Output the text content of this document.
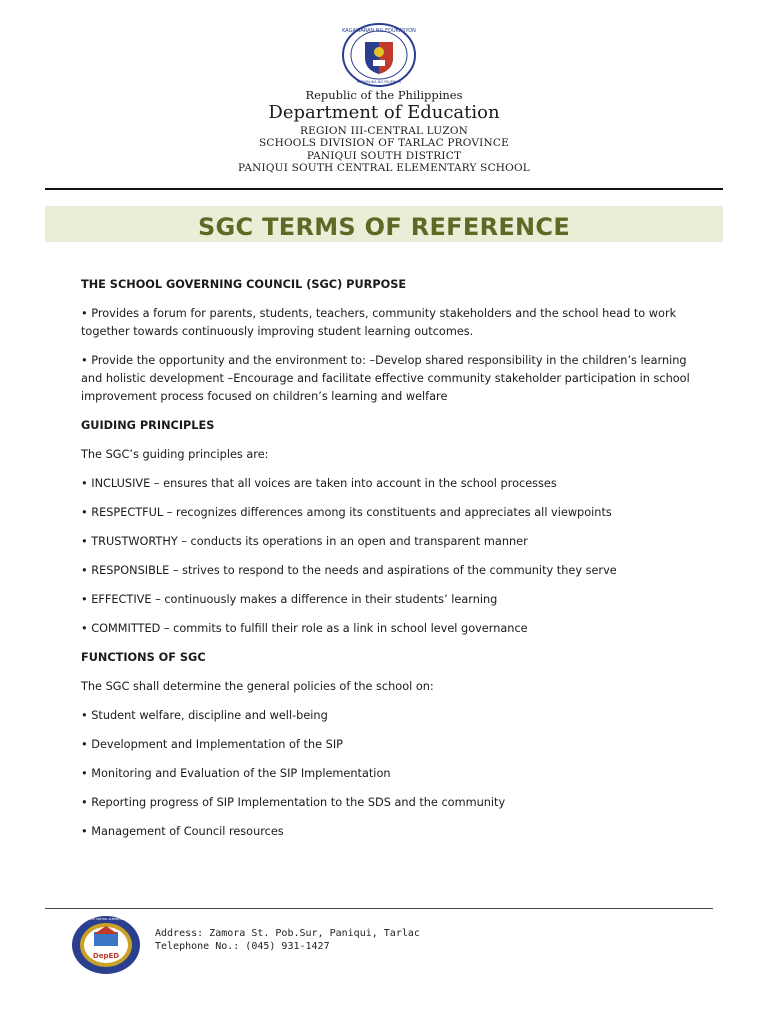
KAGAWARAN NG EDUKASYON
REPUBLIKA NG PILIPINAS
Republic of the Philippines
Department of Education
REGION III-CENTRAL LUZON
SCHOOLS DIVISION OF TARLAC PROVINCE
PANIQUI SOUTH DISTRICT
PANIQUI SOUTH CENTRAL ELEMENTARY SCHOOL
SGC TERMS OF REFERENCE

THE SCHOOL GOVERNING COUNCIL (SGC) PURPOSE

• Provides a forum for parents, students, teachers, community stakeholders and the school head to work together towards continuously improving student learning outcomes.

• Provide the opportunity and the environment to: –Develop shared responsibility in the children’s learning and holistic development –Encourage and facilitate effective community stakeholder participation in school improvement process focused on children’s learning and welfare

GUIDING PRINCIPLES

The SGC’s guiding principles are:

• INCLUSIVE – ensures that all voices are taken into account in the school processes

• RESPECTFUL – recognizes differences among its constituents and appreciates all viewpoints

• TRUSTWORTHY – conducts its operations in an open and transparent manner

• RESPONSIBLE – strives to respond to the needs and aspirations of the community they serve

• EFFECTIVE – continuously makes a difference in their students’ learning

• COMMITTED – commits to fulfill their role as a link in school level governance

FUNCTIONS OF SGC

The SGC shall determine the general policies of the school on:

• Student welfare, discipline and well-being

• Development and Implementation of the SIP

• Monitoring and Evaluation of the SIP Implementation

• Reporting progress of SIP Implementation to the SDS and the community

• Management of Council resources

DepED
PANIQUI SOUTH CENTRAL ELEMENTARY SCHOOL
Address: Zamora St. Pob.Sur, Paniqui, Tarlac
Telephone No.: (045) 931-1427
